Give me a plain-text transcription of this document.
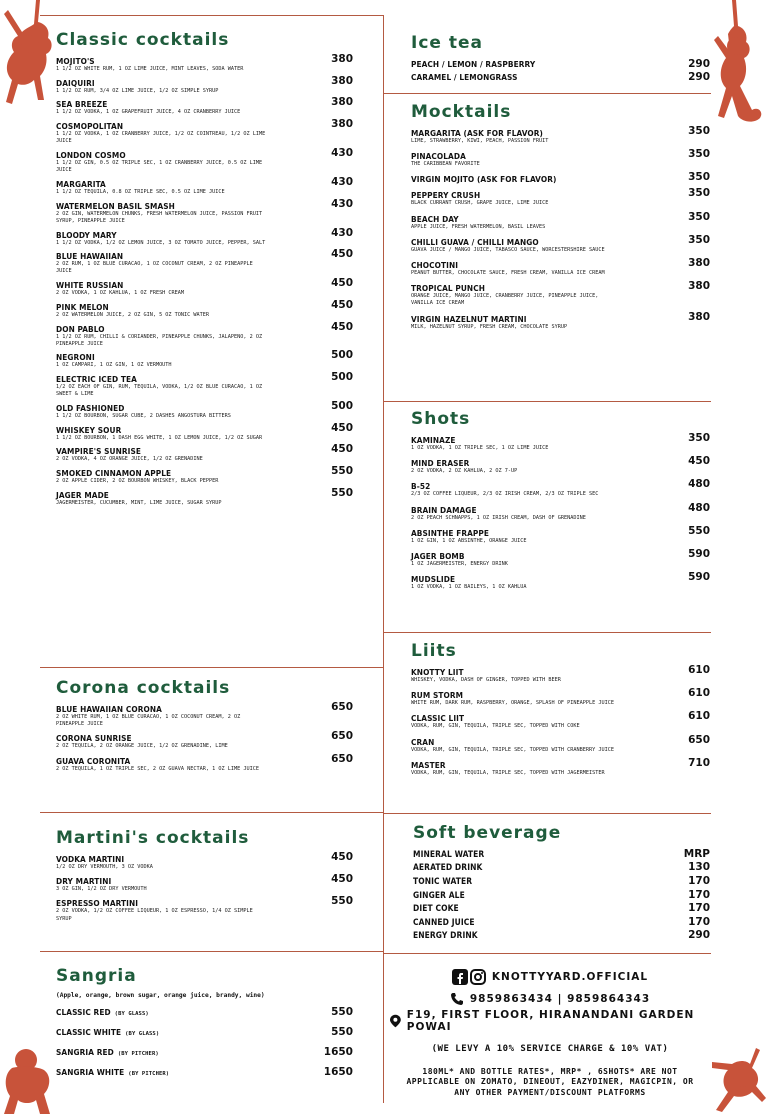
Classic cocktails
MOJITO'S
1 1/2 OZ WHITE RUM, 1 OZ LIME JUICE, MINT LEAVES, SODA WATER
380
DAIQUIRI
1 1/2 OZ RUM, 3/4 OZ LIME JUICE, 1/2 OZ SIMPLE SYRUP
380
SEA BREEZE
1 1/2 OZ VODKA, 1 OZ GRAPEFRUIT JUICE, 4 OZ CRANBERRY JUICE
380
COSMOPOLITAN
1 1/2 OZ VODKA, 1 OZ CRANBERRY JUICE, 1/2 OZ COINTREAU, 1/2 OZ LIME JUICE
380
LONDON COSMO
1 1/2 OZ GIN, 0.5 OZ TRIPLE SEC, 1 OZ CRANBERRY JUICE, 0.5 OZ LIME JUICE
430
MARGARITA
1 1/2 OZ TEQUILA, 0.8 OZ TRIPLE SEC, 0.5 OZ LIME JUICE
430
WATERMELON BASIL SMASH
2 OZ GIN, WATERMELON CHUNKS, FRESH WATERMELON JUICE, PASSION FRUIT SYRUP, PINEAPPLE JUICE
430
BLOODY MARY
1 1/2 OZ VODKA, 1/2 OZ LEMON JUICE, 3 OZ TOMATO JUICE, PEPPER, SALT
430
BLUE HAWAIIAN
2 OZ RUM, 1 OZ BLUE CURACAO, 1 OZ COCONUT CREAM, 2 OZ PINEAPPLE JUICE
450
WHITE RUSSIAN
2 OZ VODKA, 1 OZ KAHLUA, 1 OZ FRESH CREAM
450
PINK MELON
2 OZ WATERMELON JUICE, 2 OZ GIN, 5 OZ TONIC WATER
450
DON PABLO
1 1/2 OZ RUM, CHILLI & CORIANDER, PINEAPPLE CHUNKS, JALAPENO, 2 OZ PINEAPPLE JUICE
450
NEGRONI
1 OZ CAMPARI, 1 OZ GIN, 1 OZ VERMOUTH
500
ELECTRIC ICED TEA
1/2 OZ EACH OF GIN, RUM, TEQUILA, VODKA, 1/2 OZ BLUE CURACAO, 1 OZ SWEET & LIME
500
OLD FASHIONED
1 1/2 OZ BOURBON, SUGAR CUBE, 2 DASHES ANGOSTURA BITTERS
500
WHISKEY SOUR
1 1/2 OZ BOURBON, 1 DASH EGG WHITE, 1 OZ LEMON JUICE, 1/2 OZ SUGAR
450
VAMPIRE'S SUNRISE
2 OZ VODKA, 4 OZ ORANGE JUICE, 1/2 OZ GRENADINE
450
SMOKED CINNAMON APPLE
2 OZ APPLE CIDER, 2 OZ BOURBON WHISKEY, BLACK PEPPER
550
JAGER MADE
JAGERMEISTER, CUCUMBER, MINT, LIME JUICE, SUGAR SYRUP
550
Corona cocktails
BLUE HAWAIIAN CORONA
2 OZ WHITE RUM, 1 OZ BLUE CURACAO, 1 OZ COCONUT CREAM, 2 OZ PINEAPPLE JUICE
650
CORONA SUNRISE
2 OZ TEQUILA, 2 OZ ORANGE JUICE, 1/2 OZ GRENADINE, LIME
650
GUAVA CORONITA
2 OZ TEQUILA, 1 OZ TRIPLE SEC, 2 OZ GUAVA NECTAR, 1 OZ LIME JUICE
650
Martini's cocktails
VODKA MARTINI
1/2 OZ DRY VERMOUTH, 3 OZ VODKA
450
DRY MARTINI
3 OZ GIN, 1/2 OZ DRY VERMOUTH
450
ESPRESSO MARTINI
2 OZ VODKA, 1/2 OZ COFFEE LIQUEUR, 1 OZ ESPRESSO, 1/4 OZ SIMPLE SYRUP
550
Sangria
(Apple, orange, brown sugar, orange juice, brandy, wine)
CLASSIC RED (BY GLASS)	550
CLASSIC WHITE (BY GLASS)	550
SANGRIA RED (BY PITCHER)	1650
SANGRIA WHITE (BY PITCHER)	1650
Ice tea
PEACH / LEMON / RASPBERRY	290
CARAMEL / LEMONGRASS	290
Mocktails
MARGARITA (ASK FOR FLAVOR)
LIME, STRAWBERRY, KIWI, PEACH, PASSION FRUIT
350
PINACOLADA
THE CARIBBEAN FAVORITE
350
VIRGIN MOJITO (ASK FOR FLAVOR)	350
PEPPERY CRUSH
BLACK CURRANT CRUSH, GRAPE JUICE, LIME JUICE
350
BEACH DAY
APPLE JUICE, FRESH WATERMELON, BASIL LEAVES
350
CHILLI GUAVA / CHILLI MANGO
GUAVA JUICE / MANGO JUICE, TABASCO SAUCE, WORCESTERSHIRE SAUCE
350
CHOCOTINI
PEANUT BUTTER, CHOCOLATE SAUCE, FRESH CREAM, VANILLA ICE CREAM
380
TROPICAL PUNCH
ORANGE JUICE, MANGO JUICE, CRANBERRY JUICE, PINEAPPLE JUICE, VANILLA ICE CREAM
380
VIRGIN HAZELNUT MARTINI
MILK, HAZELNUT SYRUP, FRESH CREAM, CHOCOLATE SYRUP
380
Shots
KAMINAZE
1 OZ VODKA, 1 OZ TRIPLE SEC, 1 OZ LIME JUICE
350
MIND ERASER
2 OZ VODKA, 2 OZ KAHLUA, 2 OZ 7-UP
450
B-52
2/3 OZ COFFEE LIQUEUR, 2/3 OZ IRISH CREAM, 2/3 OZ TRIPLE SEC
480
BRAIN DAMAGE
2 OZ PEACH SCHNAPPS, 1 OZ IRISH CREAM, DASH OF GRENADINE
480
ABSINTHE FRAPPE
1 OZ GIN, 1 OZ ABSINTHE, ORANGE JUICE
550
JAGER BOMB
1 OZ JAGERMEISTER, ENERGY DRINK
590
MUDSLIDE
1 OZ VODKA, 1 OZ BAILEYS, 1 OZ KAHLUA
590
Liits
KNOTTY LIIT
WHISKEY, VODKA, DASH OF GINGER, TOPPED WITH BEER
610
RUM STORM
WHITE RUM, DARK RUM, RASPBERRY, ORANGE, SPLASH OF PINEAPPLE JUICE
610
CLASSIC LIIT
VODKA, RUM, GIN, TEQUILA, TRIPLE SEC, TOPPED WITH COKE
610
CRAN
VODKA, RUM, GIN, TEQUILA, TRIPLE SEC, TOPPED WITH CRANBERRY JUICE
650
MASTER
VODKA, RUM, GIN, TEQUILA, TRIPLE SEC, TOPPED WITH JAGERMEISTER
710
Soft beverage
MINERAL WATER	MRP
AERATED DRINK	130
TONIC WATER	170
GINGER ALE	170
DIET COKE	170
CANNED JUICE	170
ENERGY DRINK	290
KNOTTYYARD.OFFICIAL
9859863434 | 9859864343
F19, FIRST FLOOR, HIRANANDANI GARDEN POWAI
(WE LEVY A 10% SERVICE CHARGE & 10% VAT)
180ML* AND BOTTLE RATES*, MRP* , 6SHOTS* ARE NOT APPLICABLE ON ZOMATO, DINEOUT, EAZYDINER, MAGICPIN, OR ANY OTHER PAYMENT/DISCOUNT PLATFORMS
